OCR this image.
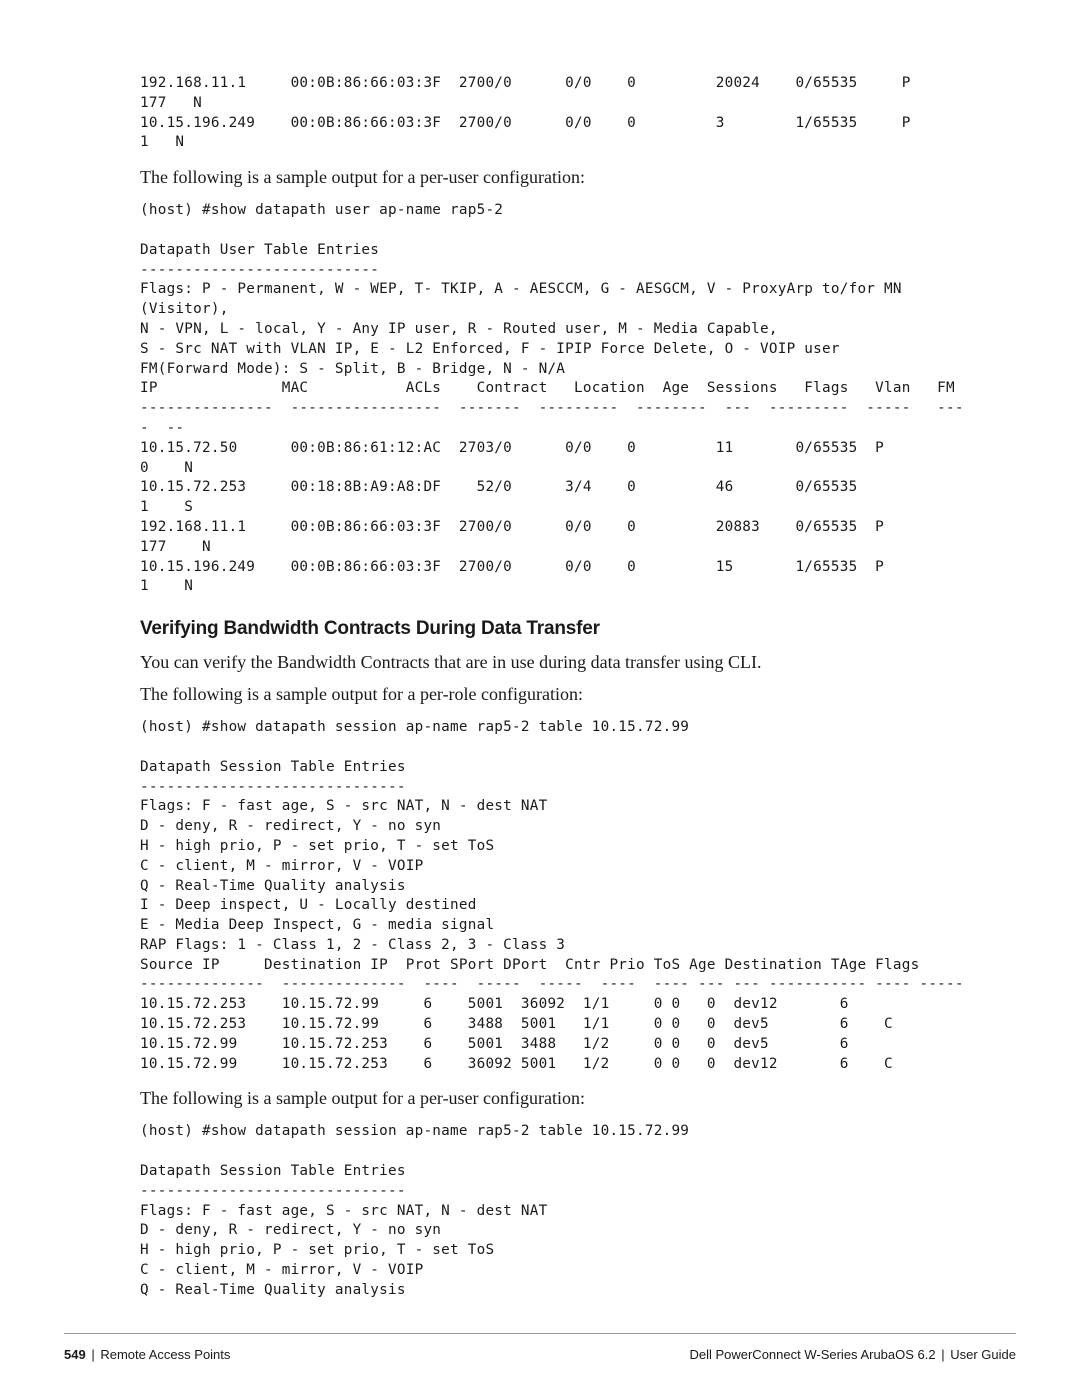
192.168.11.1     00:0B:86:66:03:3F  2700/0      0/0    0         20024    0/65535     P
177   N
10.15.196.249    00:0B:86:66:03:3F  2700/0      0/0    0         3        1/65535     P
1   N

The following is a sample output for a per-user configuration:

(host) #show datapath user ap-name rap5-2

Datapath User Table Entries
---------------------------
Flags: P - Permanent, W - WEP, T- TKIP, A - AESCCM, G - AESGCM, V - ProxyArp to/for MN
(Visitor),
N - VPN, L - local, Y - Any IP user, R - Routed user, M - Media Capable,
S - Src NAT with VLAN IP, E - L2 Enforced, F - IPIP Force Delete, O - VOIP user
FM(Forward Mode): S - Split, B - Bridge, N - N/A
IP              MAC           ACLs    Contract   Location  Age  Sessions   Flags   Vlan   FM
---------------  -----------------  -------  ---------  --------  ---  ---------  -----   ---
-  --
10.15.72.50      00:0B:86:61:12:AC  2703/0      0/0    0         11       0/65535  P
0    N
10.15.72.253     00:18:8B:A9:A8:DF    52/0      3/4    0         46       0/65535
1    S
192.168.11.1     00:0B:86:66:03:3F  2700/0      0/0    0         20883    0/65535  P
177    N
10.15.196.249    00:0B:86:66:03:3F  2700/0      0/0    0         15       1/65535  P
1    N
Verifying Bandwidth Contracts During Data Transfer

You can verify the Bandwidth Contracts that are in use during data transfer using CLI.

The following is a sample output for a per-role configuration:

(host) #show datapath session ap-name rap5-2 table 10.15.72.99

Datapath Session Table Entries
------------------------------
Flags: F - fast age, S - src NAT, N - dest NAT
D - deny, R - redirect, Y - no syn
H - high prio, P - set prio, T - set ToS
C - client, M - mirror, V - VOIP
Q - Real-Time Quality analysis
I - Deep inspect, U - Locally destined
E - Media Deep Inspect, G - media signal
RAP Flags: 1 - Class 1, 2 - Class 2, 3 - Class 3
Source IP     Destination IP  Prot SPort DPort  Cntr Prio ToS Age Destination TAge Flags
--------------  --------------  ----  -----  -----  ----  ---- --- --- ----------- ---- -----
10.15.72.253    10.15.72.99     6    5001  36092  1/1     0 0   0  dev12       6
10.15.72.253    10.15.72.99     6    3488  5001   1/1     0 0   0  dev5        6    C
10.15.72.99     10.15.72.253    6    5001  3488   1/2     0 0   0  dev5        6
10.15.72.99     10.15.72.253    6    36092 5001   1/2     0 0   0  dev12       6    C

The following is a sample output for a per-user configuration:

(host) #show datapath session ap-name rap5-2 table 10.15.72.99

Datapath Session Table Entries
------------------------------
Flags: F - fast age, S - src NAT, N - dest NAT
D - deny, R - redirect, Y - no syn
H - high prio, P - set prio, T - set ToS
C - client, M - mirror, V - VOIP
Q - Real-Time Quality analysis
549 | Remote Access Points	Dell PowerConnect W-Series ArubaOS 6.2 | User Guide
